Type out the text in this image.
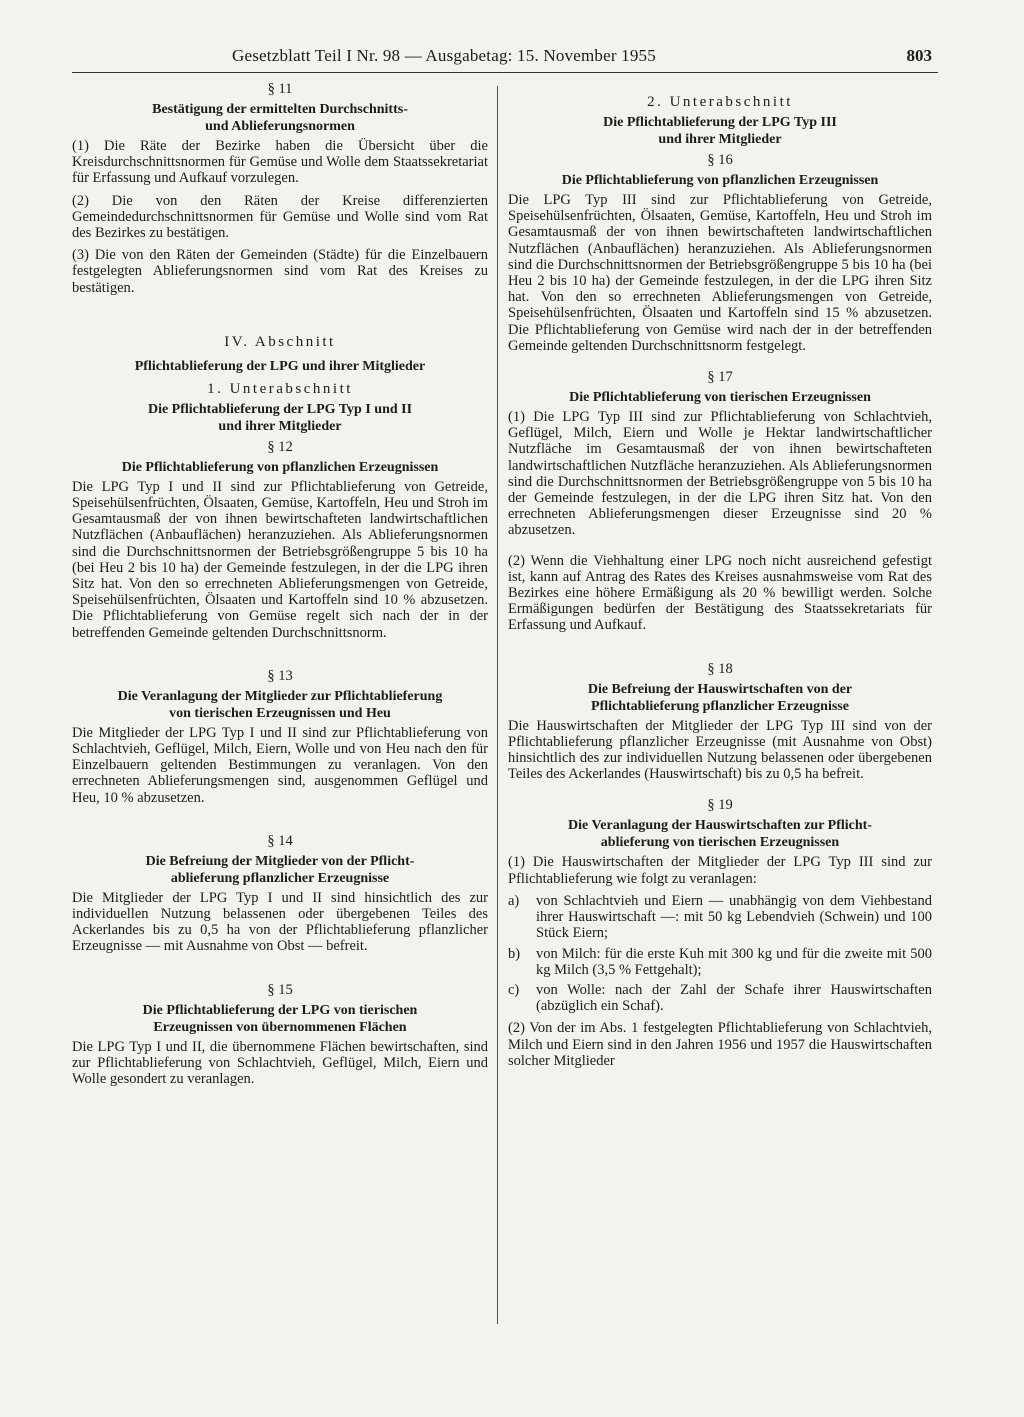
Gesetzblatt Teil I Nr. 98 — Ausgabetag: 15. November 1955	803
§ 11
Bestätigung der ermittelten Durchschnitts-
und Ablieferungsnormen

(1) Die Räte der Bezirke haben die Übersicht über die Kreisdurchschnittsnormen für Gemüse und Wolle dem Staatssekretariat für Erfassung und Aufkauf vorzulegen.

(2) Die von den Räten der Kreise differenzierten Gemeindedurchschnittsnormen für Gemüse und Wolle sind vom Rat des Bezirkes zu bestätigen.

(3) Die von den Räten der Gemeinden (Städte) für die Einzelbauern festgelegten Ablieferungsnormen sind vom Rat des Kreises zu bestätigen.

IV. Abschnitt
Pflichtablieferung der LPG und ihrer Mitglieder
1. Unterabschnitt
Die Pflichtablieferung der LPG Typ I und II
und ihrer Mitglieder
§ 12
Die Pflichtablieferung von pflanzlichen Erzeugnissen

Die LPG Typ I und II sind zur Pflichtablieferung von Getreide, Speisehülsenfrüchten, Ölsaaten, Gemüse, Kartoffeln, Heu und Stroh im Gesamtausmaß der von ihnen bewirtschafteten landwirtschaftlichen Nutzflächen (Anbauflächen) heranzuziehen. Als Ablieferungsnormen sind die Durchschnittsnormen der Betriebsgrößengruppe 5 bis 10 ha (bei Heu 2 bis 10 ha) der Gemeinde festzulegen, in der die LPG ihren Sitz hat. Von den so errechneten Ablieferungsmengen von Getreide, Speisehülsenfrüchten, Ölsaaten und Kartoffeln sind 10 % abzusetzen. Die Pflichtablieferung von Gemüse regelt sich nach der in der betreffenden Gemeinde geltenden Durchschnittsnorm.

§ 13
Die Veranlagung der Mitglieder zur Pflichtablieferung
von tierischen Erzeugnissen und Heu

Die Mitglieder der LPG Typ I und II sind zur Pflichtablieferung von Schlachtvieh, Geflügel, Milch, Eiern, Wolle und von Heu nach den für Einzelbauern geltenden Bestimmungen zu veranlagen. Von den errechneten Ablieferungsmengen sind, ausgenommen Geflügel und Heu, 10 % abzusetzen.

§ 14
Die Befreiung der Mitglieder von der Pflicht-
ablieferung pflanzlicher Erzeugnisse

Die Mitglieder der LPG Typ I und II sind hinsichtlich des zur individuellen Nutzung belassenen oder übergebenen Teiles des Ackerlandes bis zu 0,5 ha von der Pflichtablieferung pflanzlicher Erzeugnisse — mit Ausnahme von Obst — befreit.

§ 15
Die Pflichtablieferung der LPG von tierischen
Erzeugnissen von übernommenen Flächen

Die LPG Typ I und II, die übernommene Flächen bewirtschaften, sind zur Pflichtablieferung von Schlachtvieh, Geflügel, Milch, Eiern und Wolle gesondert zu veranlagen.

2. Unterabschnitt
Die Pflichtablieferung der LPG Typ III
und ihrer Mitglieder
§ 16
Die Pflichtablieferung von pflanzlichen Erzeugnissen

Die LPG Typ III sind zur Pflichtablieferung von Getreide, Speisehülsenfrüchten, Ölsaaten, Gemüse, Kartoffeln, Heu und Stroh im Gesamtausmaß der von ihnen bewirtschafteten landwirtschaftlichen Nutzflächen (Anbauflächen) heranzuziehen. Als Ablieferungsnormen sind die Durchschnittsnormen der Betriebsgrößengruppe 5 bis 10 ha (bei Heu 2 bis 10 ha) der Gemeinde festzulegen, in der die LPG ihren Sitz hat. Von den so errechneten Ablieferungsmengen von Getreide, Speisehülsenfrüchten, Ölsaaten und Kartoffeln sind 15 % abzusetzen. Die Pflichtablieferung von Gemüse wird nach der in der betreffenden Gemeinde geltenden Durchschnittsnorm festgelegt.

§ 17
Die Pflichtablieferung von tierischen Erzeugnissen

(1) Die LPG Typ III sind zur Pflichtablieferung von Schlachtvieh, Geflügel, Milch, Eiern und Wolle je Hektar landwirtschaftlicher Nutzfläche im Gesamtausmaß der von ihnen bewirtschafteten landwirtschaftlichen Nutzfläche heranzuziehen. Als Ablieferungsnormen sind die Durchschnittsnormen der Betriebsgrößengruppe von 5 bis 10 ha der Gemeinde festzulegen, in der die LPG ihren Sitz hat. Von den errechneten Ablieferungsmengen dieser Erzeugnisse sind 20 % abzusetzen.

(2) Wenn die Viehhaltung einer LPG noch nicht ausreichend gefestigt ist, kann auf Antrag des Rates des Kreises ausnahmsweise vom Rat des Bezirkes eine höhere Ermäßigung als 20 % bewilligt werden. Solche Ermäßigungen bedürfen der Bestätigung des Staatssekretariats für Erfassung und Aufkauf.

§ 18
Die Befreiung der Hauswirtschaften von der
Pflichtablieferung pflanzlicher Erzeugnisse

Die Hauswirtschaften der Mitglieder der LPG Typ III sind von der Pflichtablieferung pflanzlicher Erzeugnisse (mit Ausnahme von Obst) hinsichtlich des zur individuellen Nutzung belassenen oder übergebenen Teiles des Ackerlandes (Hauswirtschaft) bis zu 0,5 ha befreit.

§ 19
Die Veranlagung der Hauswirtschaften zur Pflicht-
ablieferung von tierischen Erzeugnissen

(1) Die Hauswirtschaften der Mitglieder der LPG Typ III sind zur Pflichtablieferung wie folgt zu veranlagen:

a)	von Schlachtvieh und Eiern — unabhängig von dem Viehbestand ihrer Hauswirtschaft —: mit 50 kg Lebendvieh (Schwein) und 100 Stück Eiern;
b)	von Milch: für die erste Kuh mit 300 kg und für die zweite mit 500 kg Milch (3,5 % Fettgehalt);
c)	von Wolle: nach der Zahl der Schafe ihrer Hauswirtschaften (abzüglich ein Schaf).

(2) Von der im Abs. 1 festgelegten Pflichtablieferung von Schlachtvieh, Milch und Eiern sind in den Jahren 1956 und 1957 die Hauswirtschaften solcher Mitglieder
